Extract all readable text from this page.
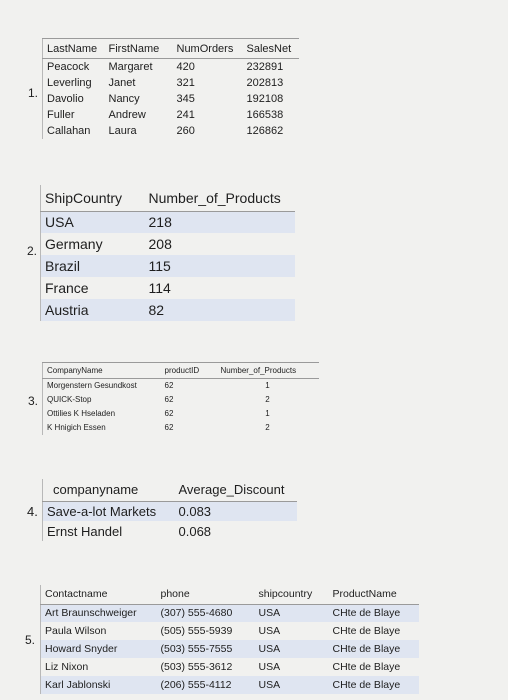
1.
LastName	FirstName	NumOrders	SalesNet
Peacock	Margaret	420	232891
Leverling	Janet	321	202813
Davolio	Nancy	345	192108
Fuller	Andrew	241	166538
Callahan	Laura	260	126862
2.
ShipCountry	Number_of_Products
USA	218
Germany	208
Brazil	115
France	114
Austria	82
3.
CompanyName	productID	Number_of_Products
Morgenstern Gesundkost	62	1
QUICK-Stop	62	2
Ottilies K Hseladen	62	1
K Hnigich Essen	62	2
4.
companyname	Average_Discount
Save-a-lot Markets	0.083
Ernst Handel	0.068
5.
Contactname	phone	shipcountry	ProductName
Art Braunschweiger	(307) 555-4680	USA	CHte de Blaye
Paula Wilson	(505) 555-5939	USA	CHte de Blaye
Howard Snyder	(503) 555-7555	USA	CHte de Blaye
Liz Nixon	(503) 555-3612	USA	CHte de Blaye
Karl Jablonski	(206) 555-4112	USA	CHte de Blaye
